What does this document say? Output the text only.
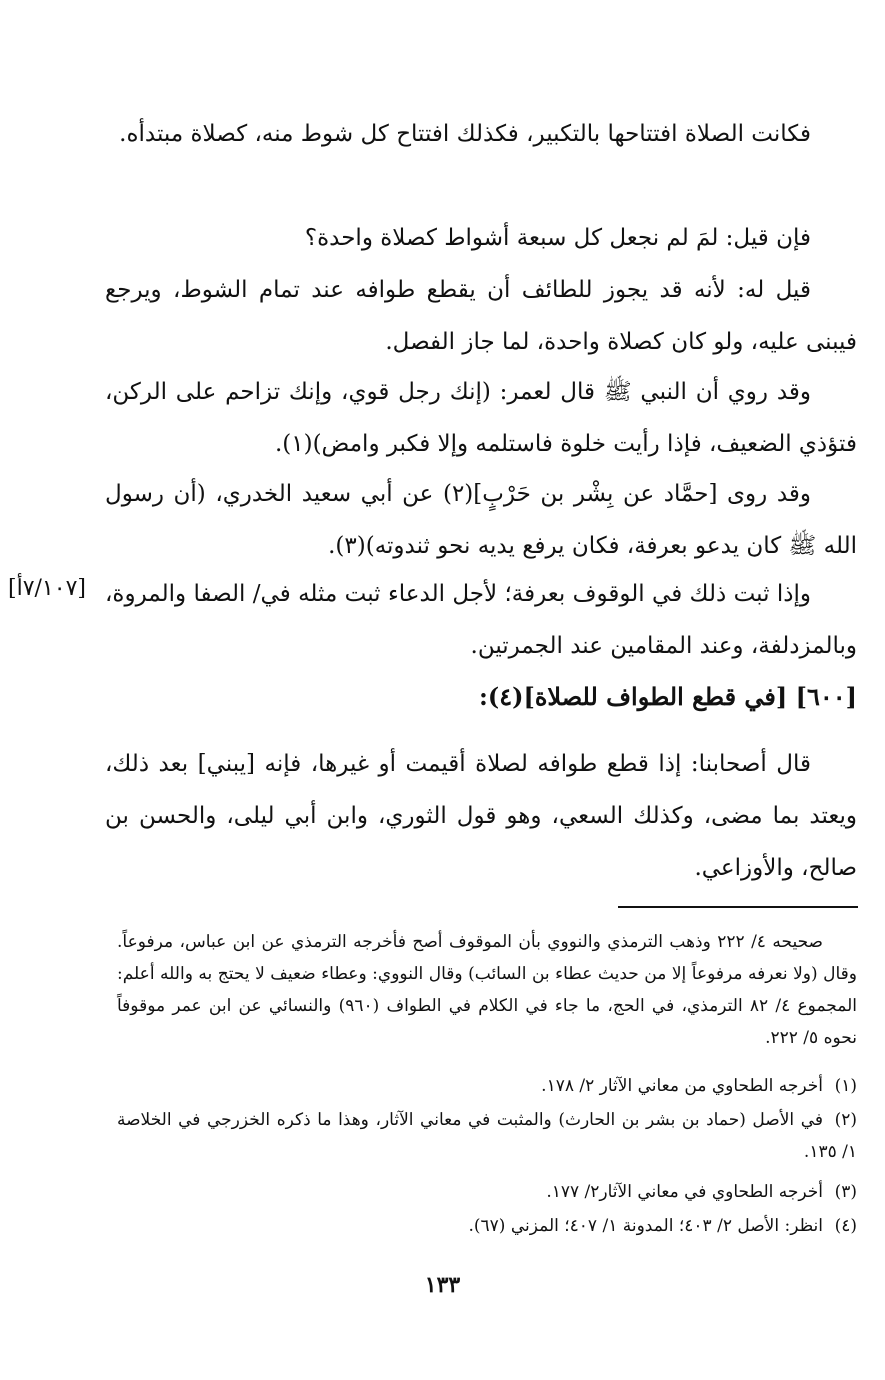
فكانت الصلاة افتتاحها بالتكبير، فكذلك افتتاح كل شوط منه، كصلاة مبتدأه.
فإن قيل: لمَ لم نجعل كل سبعة أشواط كصلاة واحدة؟
قيل له: لأنه قد يجوز للطائف أن يقطع طوافه عند تمام الشوط، ويرجع فيبنى عليه، ولو كان كصلاة واحدة، لما جاز الفصل.
وقد روي أن النبي ﷺ قال لعمر: (إنك رجل قوي، وإنك تزاحم على الركن، فتؤذي الضعيف، فإذا رأيت خلوة فاستلمه وإلا فكبر وامض)(١).
وقد روى [حمَّاد عن بِشْر بن حَرْبٍ](٢) عن أبي سعيد الخدري، (أن رسول الله ﷺ كان يدعو بعرفة، فكان يرفع يديه نحو ثندوته)(٣).
وإذا ثبت ذلك في الوقوف بعرفة؛ لأجل الدعاء ثبت مثله في/ الصفا والمروة، وبالمزدلفة، وعند المقامين عند الجمرتين.
[٧/١٠٧أ]
[٦٠٠] [في قطع الطواف للصلاة](٤):
قال أصحابنا: إذا قطع طوافه لصلاة أقيمت أو غيرها، فإنه [يبني] بعد ذلك، ويعتد بما مضى، وكذلك السعي، وهو قول الثوري، وابن أبي ليلى، والحسن بن صالح، والأوزاعي.
صحيحه ٤/ ٢٢٢ وذهب الترمذي والنووي بأن الموقوف أصح فأخرجه الترمذي عن ابن عباس، مرفوعاً. وقال (ولا نعرفه مرفوعاً إلا من حديث عطاء بن السائب) وقال النووي: وعطاء ضعيف لا يحتج به والله أعلم: المجموع ٤/ ٨٢ الترمذي، في الحج، ما جاء في الكلام في الطواف (٩٦٠) والنسائي عن ابن عمر موقوفاً نحوه ٥/ ٢٢٢.
(١)أخرجه الطحاوي من معاني الآثار ٢/ ١٧٨.
(٢)في الأصل (حماد بن بشر بن الحارث) والمثبت في معاني الآثار، وهذا ما ذكره الخزرجي في الخلاصة ١/ ١٣٥.
(٣)أخرجه الطحاوي في معاني الآثار٢/ ١٧٧.
(٤)انظر: الأصل ٢/ ٤٠٣؛ المدونة ١/ ٤٠٧؛ المزني (٦٧).
١٣٣
